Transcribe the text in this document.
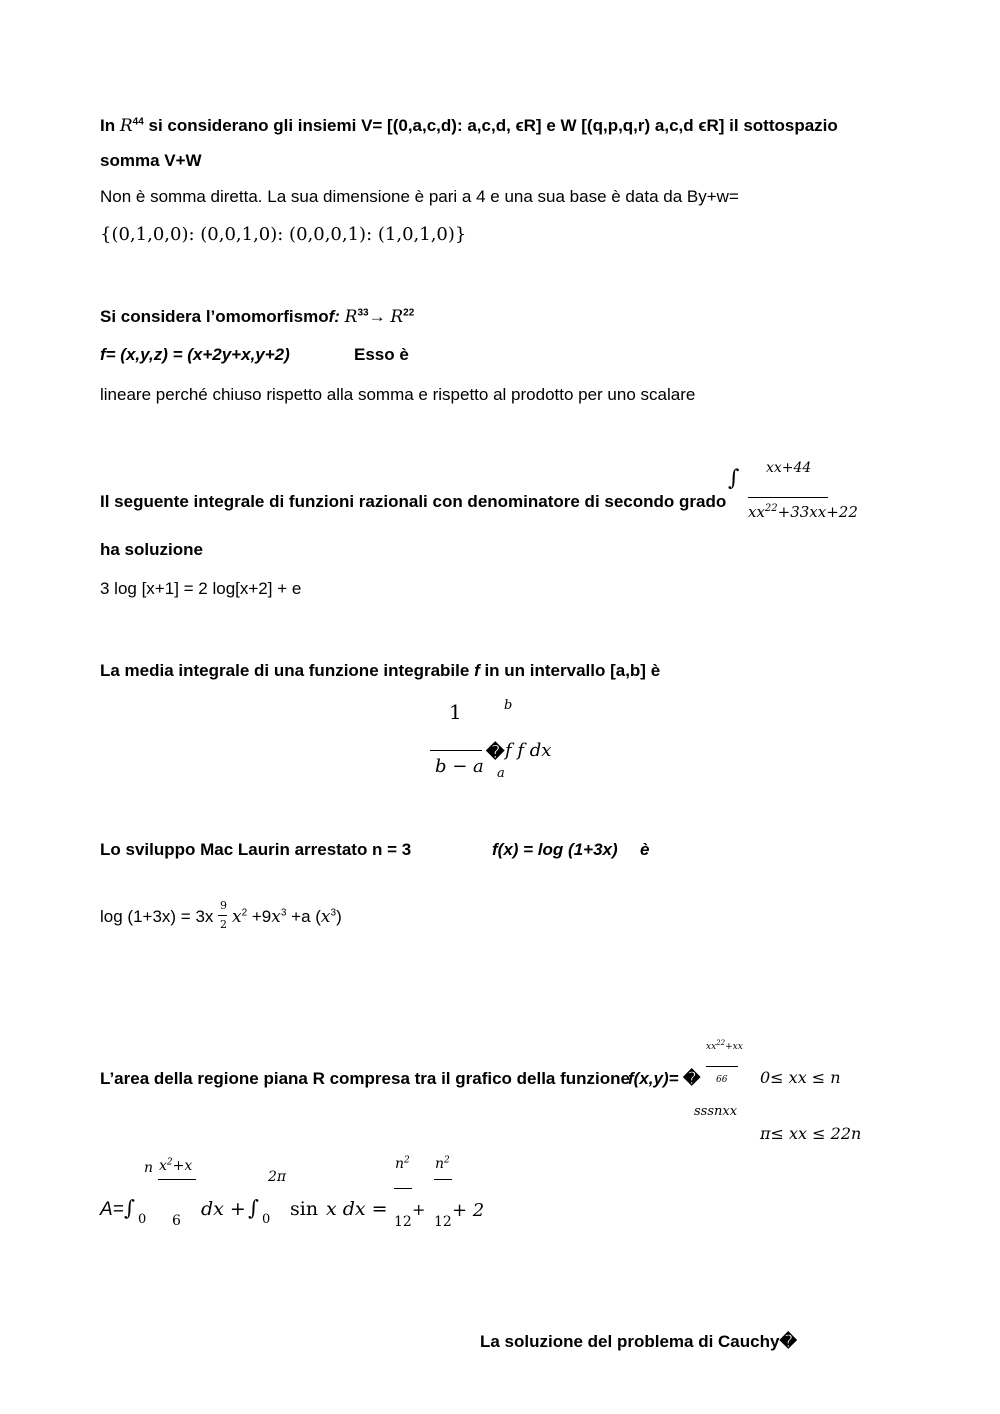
In $R^{44}$ si considerano gli insiemi V= [(0,a,c,d): a,c,d, ϵR] e W [(q,p,q,r) a,c,d ϵR] il sottospazio
somma V+W
Non è somma diretta. La sua dimensione è pari a 4 e una sua base è data da By+w=
{(0,1,0,0): (0,0,1,0): (0,0,0,1): (1,0,1,0)}
Si considera l’omomorfismof: $R^{33}\to R^{22}$
f= (x,y,z) = (x+2y+x,y+2)	Esso è
lineare perché chiuso rispetto alla somma e rispetto al prodotto per uno scalare
Il seguente integrale di funzioni razionali con denominatore di secondo grado
∫ xx+44
$xx^{22}+33xx+22$
ha soluzione
3 log [x+1] = 2 log[x+2] + e
La media integrale di una funzione integrabile f in un intervallo [a,b] è
1	b
b − a
� f f dx
a
Lo sviluppo Mac Laurin arrestato n = 3	f(x) = log (1+3x) è
log (1+3x) = 3x
9
2 $x^2 +9x^3 +a$ $(x^3)$
L’area della regione piana R compresa tra il grafico della funzione
f(x,y)= �
$xx^{22}+xx$
66 0≤ xx ≤ n
sssnxx
π≤ xx ≤ 22n
A= ∫ 0
n $x^2+x$
6
dx + ∫ 0
2π
sin x dx =
$n^2$
12
+
$n^2$
12
+ 2
La soluzione del problema di Cauchy�
